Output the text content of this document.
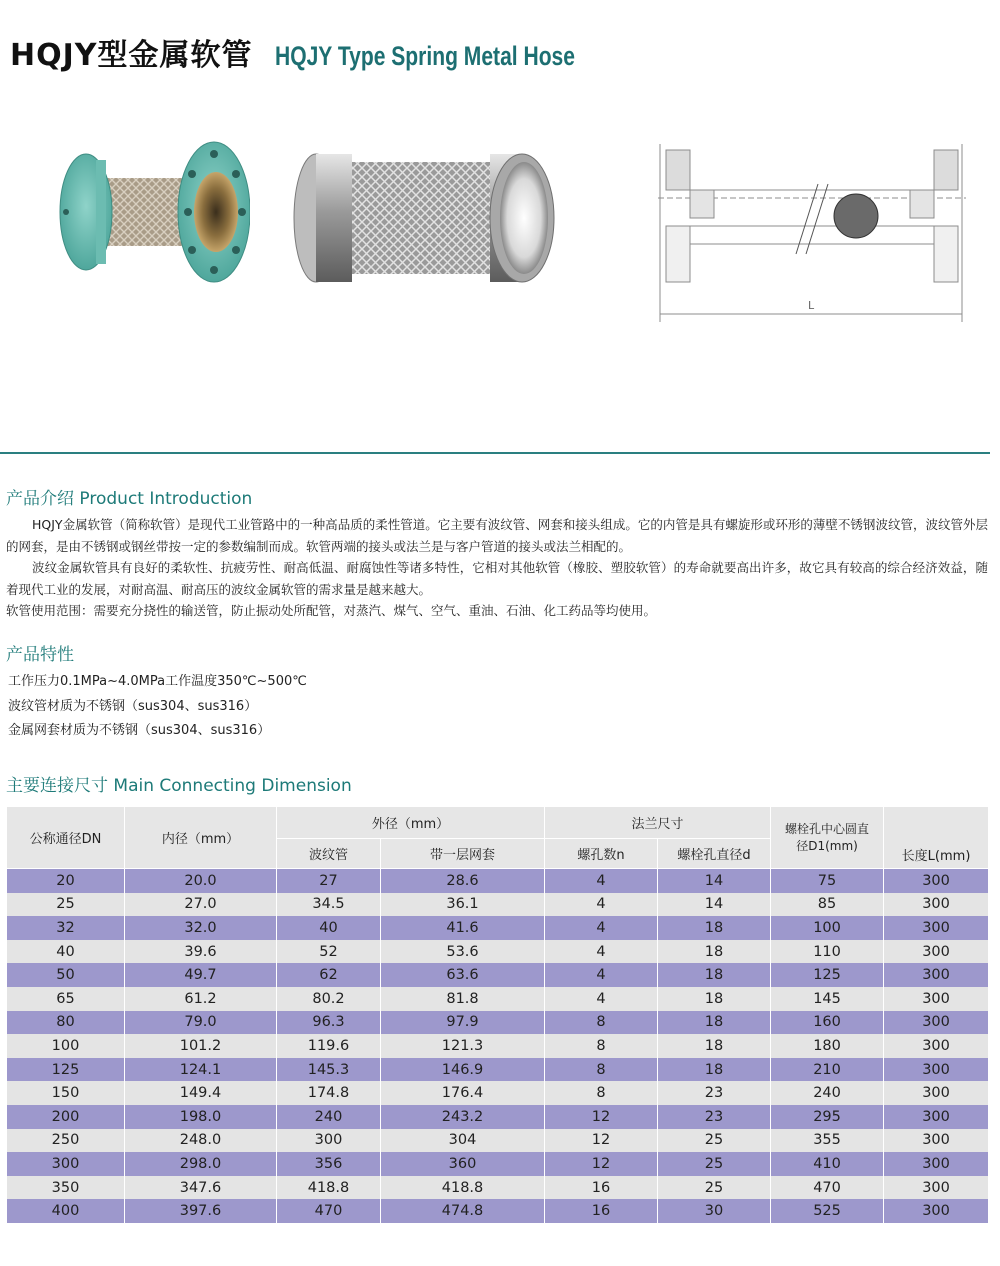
HQJY型金属软管 HQJY Type Spring Metal Hose
L
产品介绍 Product Introduction

HQJY金属软管（简称软管）是现代工业管路中的一种高品质的柔性管道。它主要有波纹管、网套和接头组成。它的内管是具有螺旋形或环形的薄壁不锈钢波纹管，波纹管外层的网套，是由不锈钢或钢丝带按一定的参数编制而成。软管两端的接头或法兰是与客户管道的接头或法兰相配的。

波纹金属软管具有良好的柔软性、抗疲劳性、耐高低温、耐腐蚀性等诸多特性，它相对其他软管（橡胶、塑胶软管）的寿命就要高出许多，故它具有较高的综合经济效益，随着现代工业的发展，对耐高温、耐高压的波纹金属软管的需求量是越来越大。

软管使用范围：需要充分挠性的输送管，防止振动处所配管，对蒸汽、煤气、空气、重油、石油、化工药品等均使用。

产品特性
工作压力0.1MPa~4.0MPa工作温度350℃~500℃
波纹管材质为不锈钢（sus304、sus316）
金属网套材质为不锈钢（sus304、sus316）
主要连接尺寸 Main Connecting Dimension
公称通径DN	内径（mm）	外径（mm）		法兰尺寸		螺栓孔中心圆直径D1(mm)	长度L(mm)
		波纹管	带一层网套	螺孔数n	螺栓孔直径d		
20	20.0	27	28.6	4	14	75	300
25	27.0	34.5	36.1	4	14	85	300
32	32.0	40	41.6	4	18	100	300
40	39.6	52	53.6	4	18	110	300
50	49.7	62	63.6	4	18	125	300
65	61.2	80.2	81.8	4	18	145	300
80	79.0	96.3	97.9	8	18	160	300
100	101.2	119.6	121.3	8	18	180	300
125	124.1	145.3	146.9	8	18	210	300
150	149.4	174.8	176.4	8	23	240	300
200	198.0	240	243.2	12	23	295	300
250	248.0	300	304	12	25	355	300
300	298.0	356	360	12	25	410	300
350	347.6	418.8	418.8	16	25	470	300
400	397.6	470	474.8	16	30	525	300
